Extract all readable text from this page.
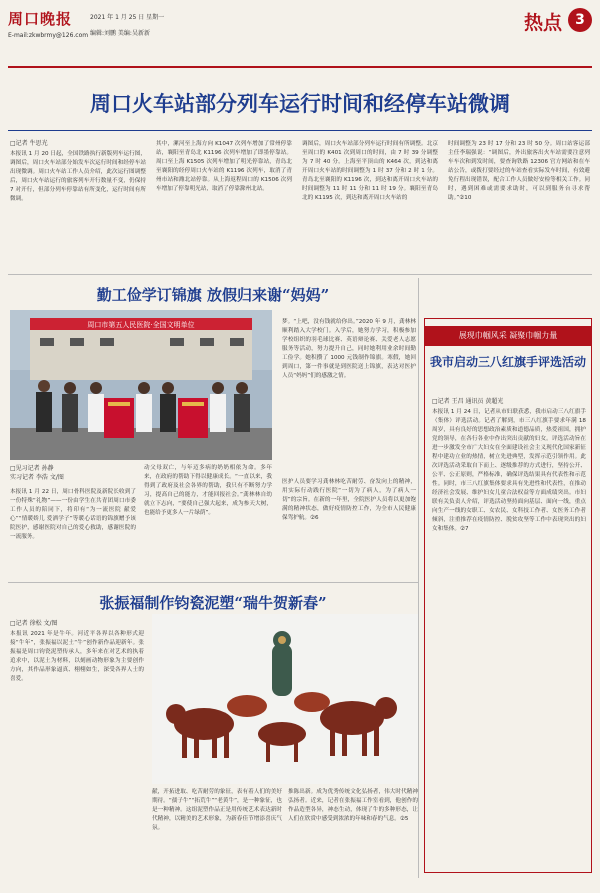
周口晚报
E-mail:zkwbrmy@126.com
2021 年 1 月 25 日 星期一
编辑:刘鹏 美编:吴新新	热点 3
周口火车站部分列车运行时间和经停车站微调
□记者 牛思光
本报讯 1 月 20 日起，全国铁路执行新版列车运行图，调图后，周口火车站部分始发车次运行时间和经停车站出现微调。周口火车站工作人员介绍，此次运行图调整后，周口火车站运行的旅客列车开行数量不变，仍保持 7 对开行，但部分列车停靠站有所变化，运行时间有所微调。
其中，漯河至上海方向 K1047 次列车增加了常州停靠站，襄阳至青岛北 K1196 次列车增加了即墨停靠站。周口至上海 K1505 次列车增加了明光停靠站，青岛北至襄阳的经停周口火车站的 K1196 次列车，取消了青州市站和潍北站停靠。从上海返程周口的 K1506 次列车增加了停靠明光站，取消了停靠滁州北站。
调图后，周口火车站部分列车运行时间有所调整。北京至周口的 K401 次到周口的时间，由 7 时 39 分调整为 7 时 40 分。上海至平顶山的 K464 次，到达和离开周口火车站的时间调整为 1 时 37 分和 2 时 1 分。青岛北至襄阳的 K1196 次，到达和离开周口火车站的时间调整为 11 时 11 分和 11 时 19 分。襄阳至青岛北的 K1195 次，到达和离开周口火车站的
时间调整为 23 时 17 分和 23 时 50 分。周口站客运部主任李瑞强说：“调图后，外出旅客出火车站需要注意列车车次和到发时间，要查询铁路 12306 官方网站和在车站公告，或拨打要经过的车站查看实际发车时间，有效避免行程出现错误，配合工作人员做好安检等相关工作。同时，遇到困难或需要求助时，可以到服务台寻求帮助。”②10
勤工俭学订锦旗 放假归来谢“妈妈”
周口市第五人民医院·全国文明单位
□见习记者 孙静
实习记者 李浩 文/图
本报讯 1 月 22 日，周口骨科医院及新院长收到了一份特殊“礼物”——一份由学生在共青团周口市委工作人员的陪同下，将印有“为一流医院 献爱心”“情暖娇儿 爱洒学子”等暖心话语的锦旗赠予该院医护，感谢医院对自己的爱心救助，感谢医院的一流服务。
动父母双亡，与年迈多病的奶奶相依为命。多年来，在政府的帮助下得以健康成长。“一直以来，我得到了政府及社会各界的帮助，我只有不断努力学习，提高自己的能力，才能回报社会。”龚林林自幼就立下志向，“要使自己强大起来，成为参天大树，也能给予更多人一片绿荫”。
梦。“上吧，没有钱就给你出。”2020 年 9 月，龚林林顺利踏入大学校门。入学后，她努力学习，积极参加学校组织的羽毛球比赛、英语辩论赛、关爱老人志愿服务等活动，努力提升自己，同时她利用业余时间勤工俭学。她积攒了 1000 元钱制作锦旗。寒假，她回到周口，第一件事就是到医院送上锦旗，表达对医护人员“妈妈”们的感激之情。
医护人员要学习龚林林吃苦耐劳、奋发向上的精神，用实际行动践行医院“一切为了病人，为了病人一切”的宗旨。在新的一年里，全院医护人员将以更加饱满的精神状态，做好疫情防控工作，为全市人民健康保驾护航。②6
张振福制作钧瓷泥塑“瑞牛贺新春”
□记者 徐松 文/图
本报讯 2021 年是牛年。河近平各界以各种形式迎接“牛年”，张振福以泥土“牛”创作新作品迎新年。张振福是周口钧瓷泥塑传承人，多年来在对艺术的执着追求中，以泥土为材料，以刻画动物形象为主要创作方向，其作品形象逼真、栩栩如生，深受各界人士的喜爱。
献，开拓进取、吃苦耐劳的象征，表有着人们的美好期待。“孺子牛”“拓荒牛”“老黄牛”，是一种象征，也是一种精神。这组泥塑作品正是用传统艺术表达新时代精神，以精美的艺术形象，为新春佳节增添喜庆气氛。
推陈出新。成为优秀传统文化弘扬者，伟大时代精神弘扬者。近来，记者在张振福工作室看到，他创作的作品造型各异，神态生动，体现了牛的多种形态，让人们在欣赏中感受到浓浓的年味和春的气息。②5
展现巾帼风采 凝聚巾帼力量
我市启动三八红旗手评选活动
□记者 王昌 通讯员 黄超光
本报讯 1 月 24 日，记者从市妇联获悉，我市启动三八红旗手（集体）评选活动。记者了解到，市三八红旗手要求年满 18 周岁，具有良好的思想政治素质和道德品质，热爱祖国，拥护党的领导，在各行各业中作出突出贡献的妇女。评选活动旨在进一步激发全市广大妇女在全面建设社会主义现代化国家新征程中建功立业的热情，树立先进典型，发挥示范引领作用。此次评选活动采取自下而上、逐级推荐的方式进行，坚持公开、公平、公正原则，严格标准，确保评选结果具有代表性和示范性。同时，市三八红旗集体要求具有先进性和代表性，在推动经济社会发展、维护妇女儿童合法权益等方面成绩突出。市妇联有关负责人介绍，评选活动坚持面向基层、面向一线，重点向生产一线的女职工、女农民、女科技工作者、女医务工作者倾斜，注重推荐在疫情防控、脱贫攻坚等工作中表现突出的妇女和集体。②7
